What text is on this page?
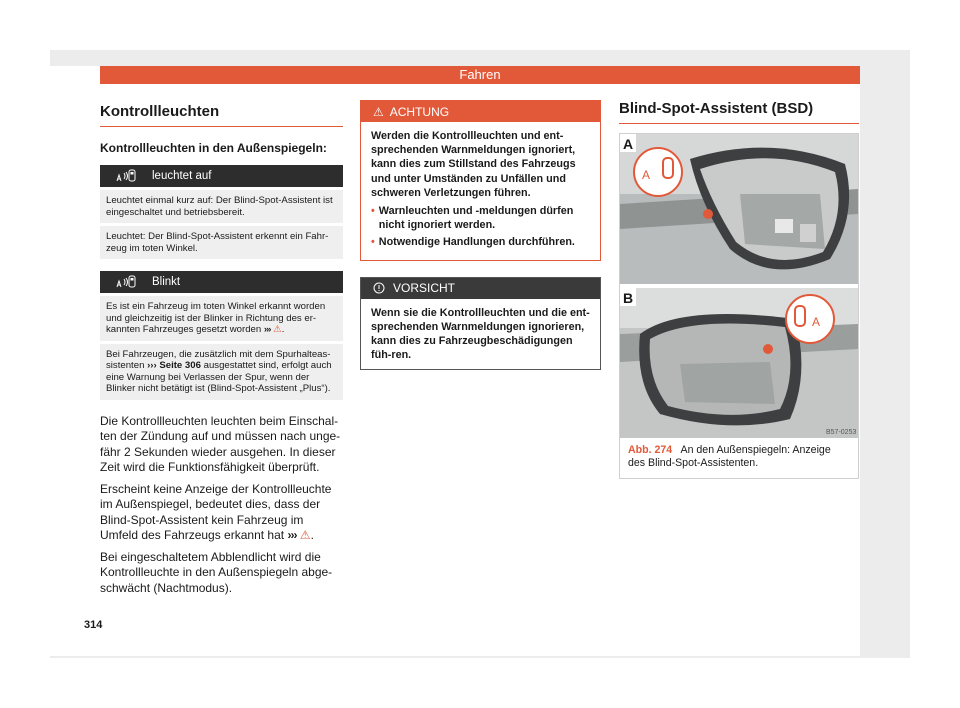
Fahren
Kontrollleuchten
Kontrollleuchten in den Außenspiegeln:
leuchtet auf
Leuchtet einmal kurz auf: Der Blind-Spot-Assistent ist eingeschaltet und betriebsbereit.
Leuchtet: Der Blind-Spot-Assistent erkennt ein Fahr-zeug im toten Winkel.
Blinkt
Es ist ein Fahrzeug im toten Winkel erkannt worden und gleichzeitig ist der Blinker in Richtung des er-kannten Fahrzeuges gesetzt worden ››› ⚠.
Bei Fahrzeugen, die zusätzlich mit dem Spurhalteas-sistenten ››› Seite 306 ausgestattet sind, erfolgt auch eine Warnung bei Verlassen der Spur, wenn der Blinker nicht betätigt ist (Blind-Spot-Assistent „Plus“).

Die Kontrollleuchten leuchten beim Einschal-ten der Zündung auf und müssen nach unge-fähr 2 Sekunden wieder ausgehen. In dieser Zeit wird die Funktionsfähigkeit überprüft.

Erscheint keine Anzeige der Kontrollleuchte im Außenspiegel, bedeutet dies, dass der Blind-Spot-Assistent kein Fahrzeug im Umfeld des Fahrzeugs erkannt hat ››› ⚠.

Bei eingeschaltetem Abblendlicht wird die Kontrollleuchte in den Außenspiegeln abge-schwächt (Nachtmodus).

⚠ ACHTUNG

Werden die Kontrollleuchten und ent-sprechenden Warnmeldungen ignoriert, kann dies zum Stillstand des Fahrzeugs und unter Umständen zu Unfällen und schweren Verletzungen führen.

• Warnleuchten und -meldungen dürfen nicht ignoriert werden.
• Notwendige Handlungen durchführen.
VORSICHT
Wenn sie die Kontrollleuchten und die ent-sprechenden Warnmeldungen ignorieren, kann dies zu Fahrzeugbeschädigungen füh-ren.
Blind-Spot-Assistent (BSD)
A
A
A
B
B57-0253
Abb. 274 An den Außenspiegeln: Anzeige des Blind-Spot-Assistenten.
314
